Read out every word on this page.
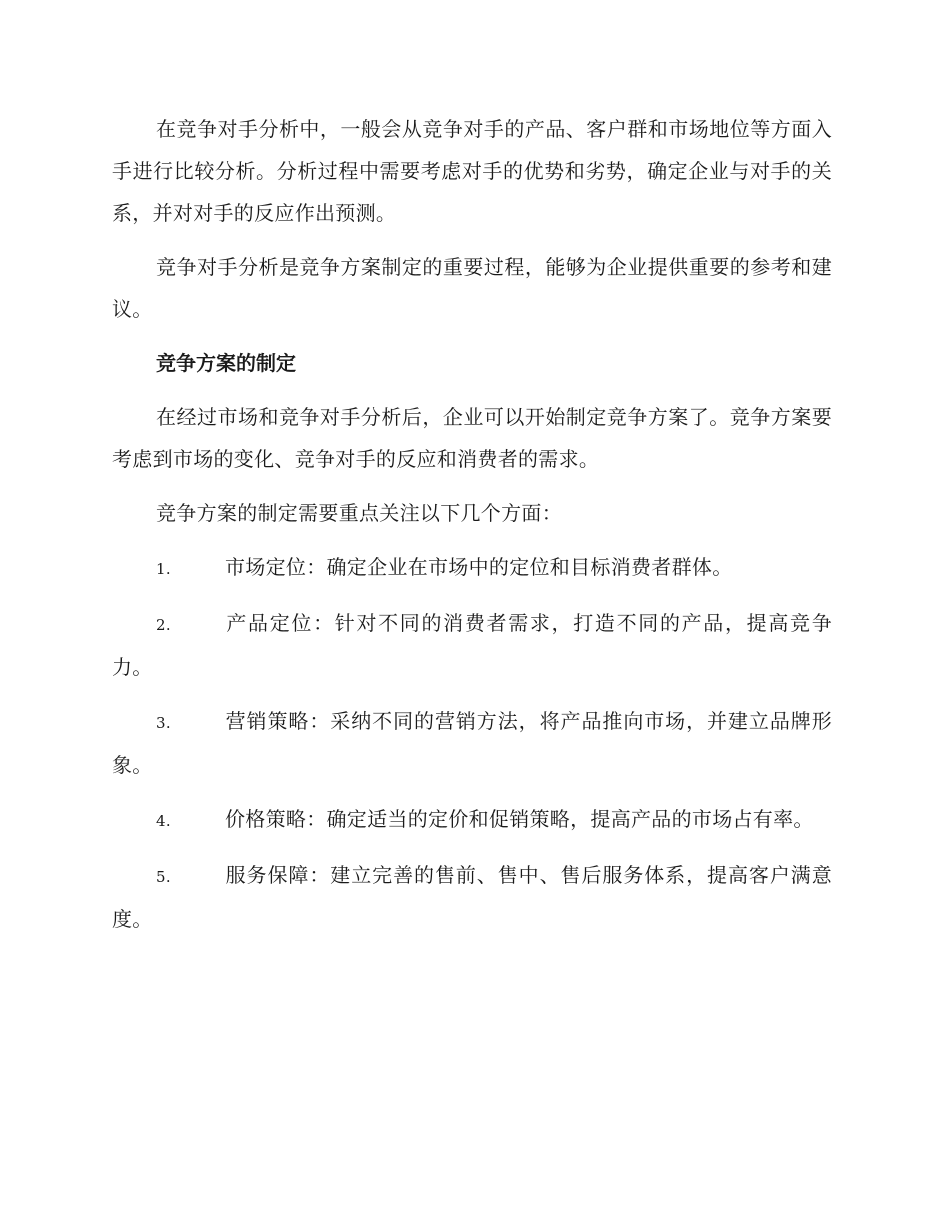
在竞争对手分析中，一般会从竞争对手的产品、客户群和市场地位等方面入手进行比较分析。分析过程中需要考虑对手的优势和劣势，确定企业与对手的关系，并对对手的反应作出预测。

竞争对手分析是竞争方案制定的重要过程，能够为企业提供重要的参考和建议。

竞争方案的制定

在经过市场和竞争对手分析后，企业可以开始制定竞争方案了。竞争方案要考虑到市场的变化、竞争对手的反应和消费者的需求。

竞争方案的制定需要重点关注以下几个方面：

1.	市场定位：确定企业在市场中的定位和目标消费者群体。
2.	产品定位：针对不同的消费者需求，打造不同的产品，提高竞争力。
3.	营销策略：采纳不同的营销方法，将产品推向市场，并建立品牌形象。
4.	价格策略：确定适当的定价和促销策略，提高产品的市场占有率。
5.	服务保障：建立完善的售前、售中、售后服务体系，提高客户满意度。
